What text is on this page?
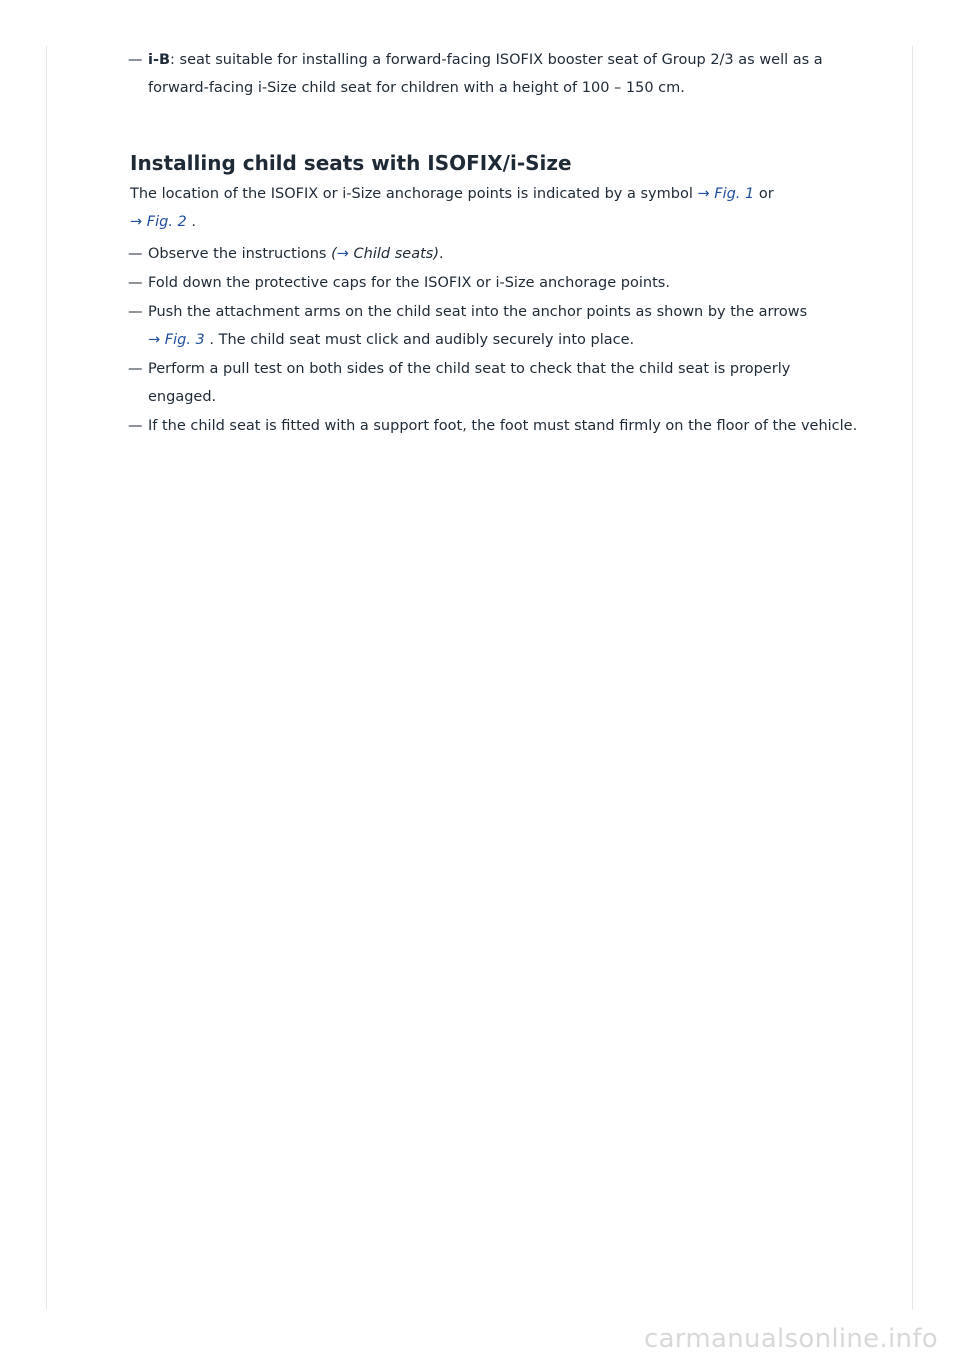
— i-B: seat suitable for installing a forward-facing ISOFIX booster seat of Group 2/3 as well as a forward-facing i-Size child seat for children with a height of 100 – 150 cm.
Installing child seats with ISOFIX/i-Size
The location of the ISOFIX or i-Size anchorage points is indicated by a symbol → Fig. 1 or
→ Fig. 2 .
— Observe the instructions (→ Child seats).
— Fold down the protective caps for the ISOFIX or i-Size anchorage points.
— Push the attachment arms on the child seat into the anchor points as shown by the arrows
→ Fig. 3 . The child seat must click and audibly securely into place.
— Perform a pull test on both sides of the child seat to check that the child seat is properly engaged.
— If the child seat is fitted with a support foot, the foot must stand firmly on the floor of the vehicle.
carmanualsonline.info
